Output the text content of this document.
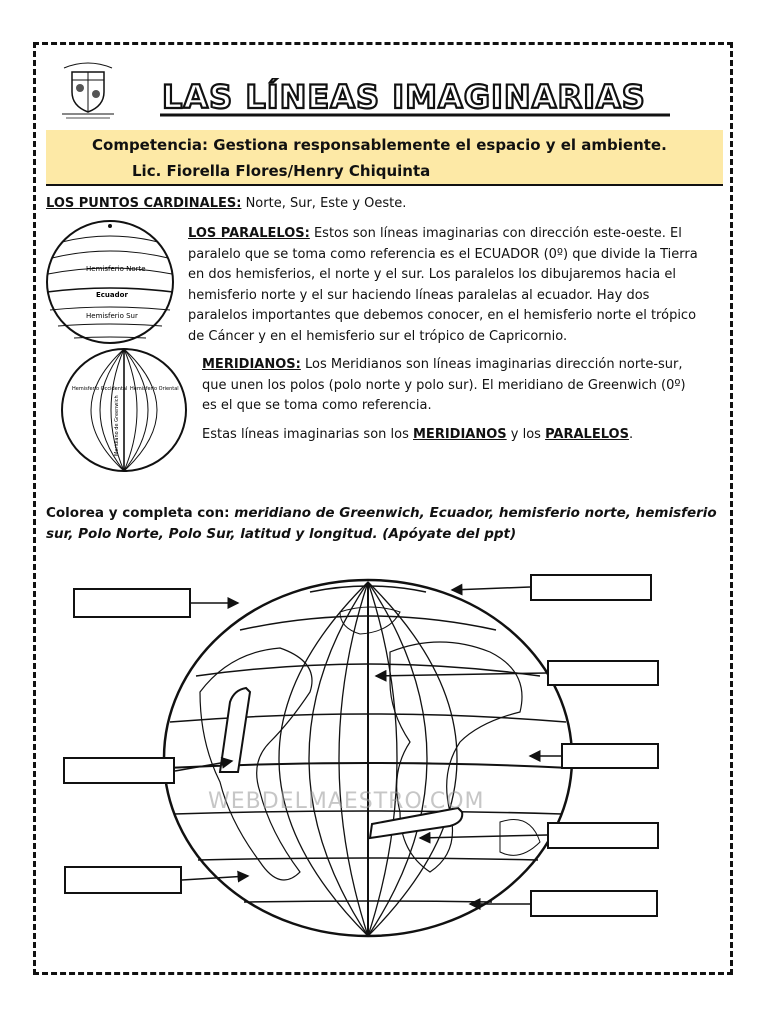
LAS LÍNEAS IMAGINARIAS
Competencia: Gestiona responsablemente el espacio y el ambiente.
Lic. Fiorella Flores/Henry Chiquinta
LOS PUNTOS CARDINALES: Norte, Sur, Este y Oeste.
Hemisferio Norte
Ecuador
Hemisferio Sur
Hemisferio Occidental Hemisferio Oriental
Meridiano de Greenwich
LOS PARALELOS: Estos son líneas imaginarias con dirección este-oeste. El
paralelo que se toma como referencia es el ECUADOR (0º) que divide la Tierra
en dos hemisferios, el norte y el sur. Los paralelos los dibujaremos hacia el
hemisferio norte y el sur haciendo líneas paralelas al ecuador. Hay dos
paralelos importantes que debemos conocer, en el hemisferio norte el trópico
de Cáncer y en el hemisferio sur el trópico de Capricornio.
MERIDIANOS: Los Meridianos son líneas imaginarias dirección norte-sur,
que unen los polos (polo norte y polo sur). El meridiano de Greenwich (0º)
es el que se toma como referencia.
Estas líneas imaginarias son los MERIDIANOS y los PARALELOS.
Colorea y completa con: meridiano de Greenwich, Ecuador, hemisferio norte, hemisferio
sur, Polo Norte, Polo Sur, latitud y longitud. (Apóyate del ppt)
WEBDELMAESTRO.COM
